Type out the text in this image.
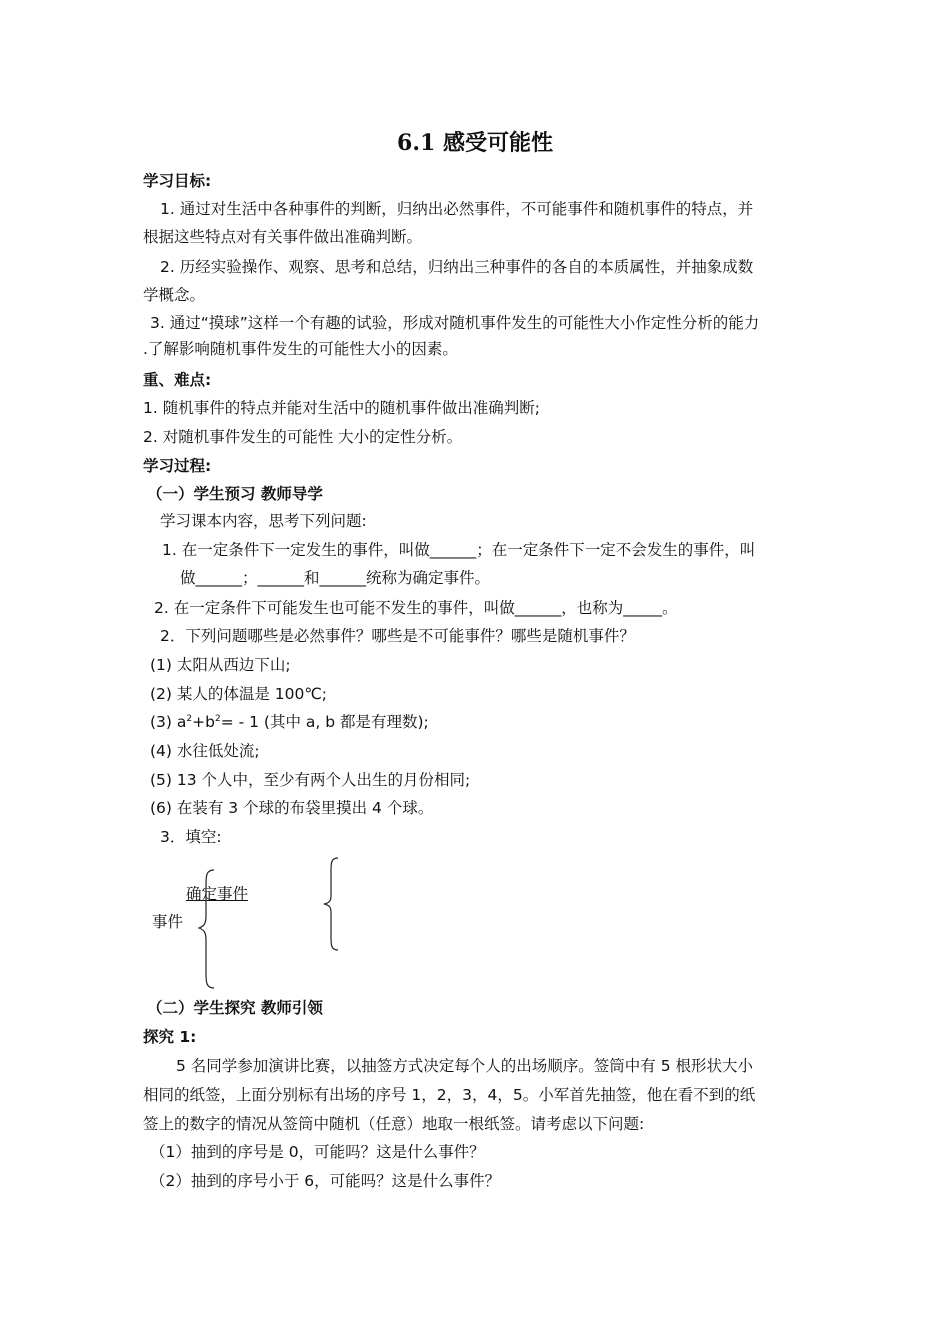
6.1 感受可能性
学习目标:
1. 通过对生活中各种事件的判断，归纳出必然事件，不可能事件和随机事件的特点，并
根据这些特点对有关事件做出准确判断。
2. 历经实验操作、观察、思考和总结，归纳出三种事件的各自的本质属性，并抽象成数
学概念。
3. 通过“摸球”这样一个有趣的试验，形成对随机事件发生的可能性大小作定性分析的能力
.了解影响随机事件发生的可能性大小的因素。
重、难点:
1. 随机事件的特点并能对生活中的随机事件做出准确判断;
2. 对随机事件发生的可能性 大小的定性分析。
学习过程:
（一）学生预习 教师导学
学习课本内容，思考下列问题:
1. 在一定条件下一定发生的事件，叫做______；在一定条件下一定不会发生的事件，叫
做______；______和______统称为确定事件。
2. 在一定条件下可能发生也可能不发生的事件，叫做______，也称为_____。
2．下列问题哪些是必然事件？哪些是不可能事件？哪些是随机事件？
(1) 太阳从西边下山;
(2) 某人的体温是 100℃;
(3) $a^2+b^2= - 1$ (其中 a, b 都是有理数);
(4) 水往低处流;
(5) 13 个人中，至少有两个人出生的月份相同;
(6) 在装有 3 个球的布袋里摸出 4 个球。
3．填空:
确定事件
事件
（二）学生探究 教师引领
探究 1:
5 名同学参加演讲比赛，以抽签方式决定每个人的出场顺序。签筒中有 5 根形状大小
相同的纸签，上面分别标有出场的序号 1，2，3，4，5。小军首先抽签，他在看不到的纸
签上的数字的情况从签筒中随机（任意）地取一根纸签。请考虑以下问题:
（1）抽到的序号是 0，可能吗？这是什么事件？
（2）抽到的序号小于 6，可能吗？这是什么事件？
